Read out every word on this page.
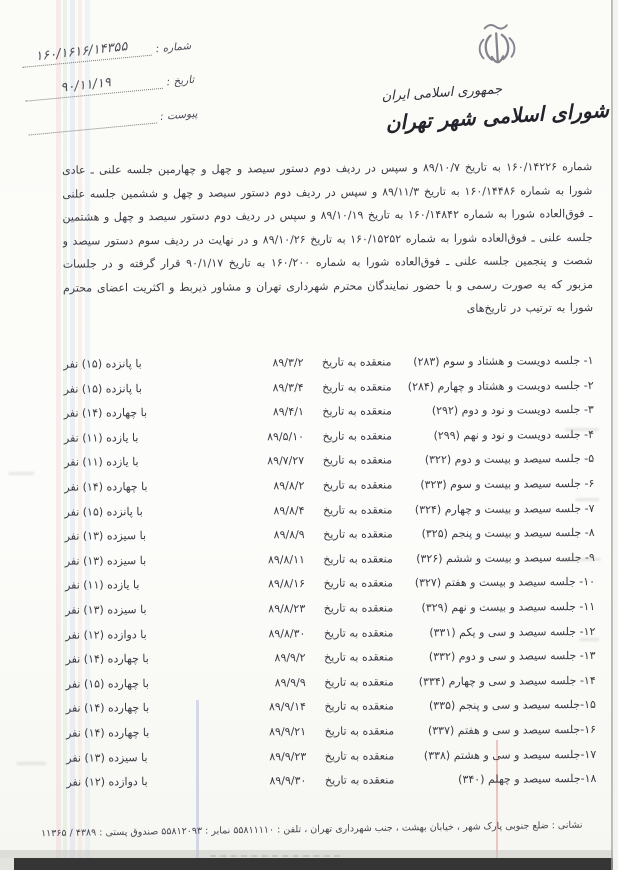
شماره :
۱۶۰/۱۶۱۶/۱۴۳۵۵
تاریخ :
۹۰/۱۱/۱۹
پیوست :
جمهوری اسلامی ایران
شورای اسلامی شهر تهران
شماره ۱۶۰/۱۴۲۲۶ به تاریخ ۸۹/۱۰/۷ و سپس در ردیف دوم دستور سیصد و چهل و چهارمین جلسه علنی ـ عادی شورا به شماره ۱۶۰/۱۴۴۸۶ به تاریخ ۸۹/۱۱/۳ و سپس در ردیف دوم دستور سیصد و چهل و ششمین جلسه علنی ـ فوق‌العاده شورا به شماره ۱۶۰/۱۴۸۴۲ به تاریخ ۸۹/۱۰/۱۹ و سپس در ردیف دوم دستور سیصد و چهل و هشتمین جلسه علنی ـ فوق‌العاده شورا به شماره ۱۶۰/۱۵۲۵۲ به تاریخ ۸۹/۱۰/۲۶ و در نهایت در ردیف سوم دستور سیصد و شصت و پنجمین جلسه علنی ـ فوق‌العاده شورا به شماره ۱۶۰/۲۰۰ به تاریخ ۹۰/۱/۱۷ قرار گرفته و در جلسات مزبور که به صورت رسمی و با حضور نمایندگان محترم شهرداری تهران و مشاور ذیربط و اکثریت اعضای محترم شورا به ترتیب در تاریخ‌های
۱- جلسه دویست و هشتاد و سوم (۲۸۳)
منعقده به تاریخ
۸۹/۳/۲
با پانزده (۱۵) نفر
۲- جلسه دویست و هشتاد و چهارم (۲۸۴)
منعقده به تاریخ
۸۹/۳/۴
با پانزده (۱۵) نفر
۳- جلسه دویست و نود و دوم (۲۹۲)
منعقده به تاریخ
۸۹/۴/۱
با چهارده (۱۴) نفر
۴- جلسه دویست و نود و نهم (۲۹۹)
منعقده به تاریخ
۸۹/۵/۱۰
با یازده (۱۱) نفر
۵- جلسه سیصد و بیست و دوم (۳۲۲)
منعقده به تاریخ
۸۹/۷/۲۷
با یازده (۱۱) نفر
۶- جلسه سیصد و بیست و سوم (۳۲۳)
منعقده به تاریخ
۸۹/۸/۲
با چهارده (۱۴) نفر
۷- جلسه سیصد و بیست و چهارم (۳۲۴)
منعقده به تاریخ
۸۹/۸/۴
با پانزده (۱۵) نفر
۸- جلسه سیصد و بیست و پنجم (۳۲۵)
منعقده به تاریخ
۸۹/۸/۹
با سیزده (۱۳) نفر
۹- جلسه سیصد و بیست و ششم (۳۲۶)
منعقده به تاریخ
۸۹/۸/۱۱
با سیزده (۱۳) نفر
۱۰- جلسه سیصد و بیست و هفتم (۳۲۷)
منعقده به تاریخ
۸۹/۸/۱۶
با یازده (۱۱) نفر
۱۱- جلسه سیصد و بیست و نهم (۳۲۹)
منعقده به تاریخ
۸۹/۸/۲۳
با سیزده (۱۳) نفر
۱۲- جلسه سیصد و سی و یکم (۳۳۱)
منعقده به تاریخ
۸۹/۸/۳۰
با دوازده (۱۲) نفر
۱۳- جلسه سیصد و سی و دوم (۳۳۲)
منعقده به تاریخ
۸۹/۹/۲
با چهارده (۱۴) نفر
۱۴- جلسه سیصد و سی و چهارم (۳۳۴)
منعقده به تاریخ
۸۹/۹/۹
با چهارده (۱۵) نفر
۱۵-جلسه سیصد و سی و پنجم (۳۳۵)
منعقده به تاریخ
۸۹/۹/۱۴
با چهارده (۱۴) نفر
۱۶-جلسه سیصد و سی و هفتم (۳۳۷)
منعقده به تاریخ
۸۹/۹/۲۱
با چهارده (۱۴) نفر
۱۷-جلسه سیصد و سی و هشتم (۳۳۸)
منعقده به تاریخ
۸۹/۹/۲۳
با سیزده (۱۳) نفر
۱۸-جلسه سیصد و چهلم (۳۴۰)
منعقده به تاریخ
۸۹/۹/۳۰
با دوازده (۱۲) نفر
نشانی : ضلع جنوبی پارک شهر ، خیابان بهشت ، جنب شهرداری تهران ، تلفن : ۵۵۸۱۱۱۱۰ نمابر : ۵۵۸۱۲۰۹۳ صندوق پستی : ۴۳۸۹ / ۱۱۳۶۵
